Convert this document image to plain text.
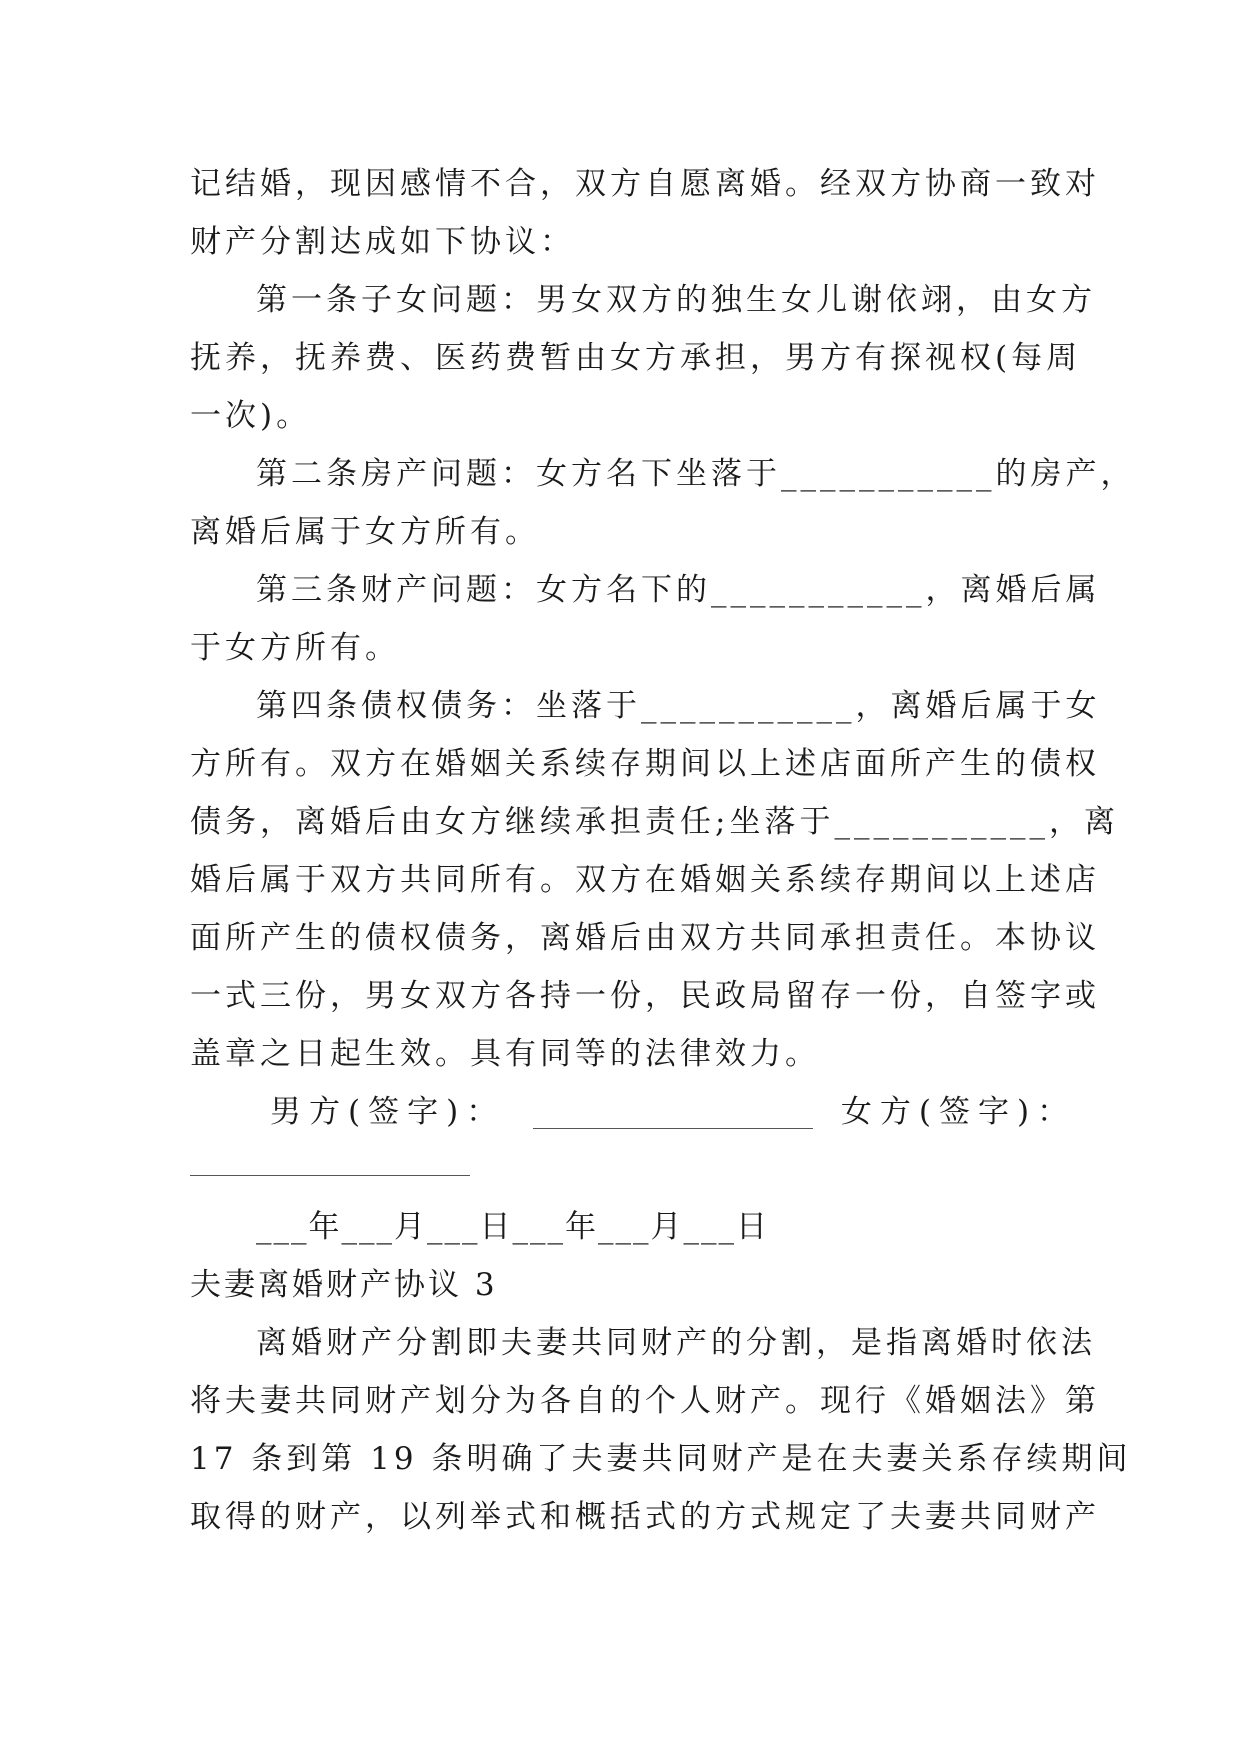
记结婚，现因感情不合，双方自愿离婚。经双方协商一致对
财产分割达成如下协议：
第一条子女问题：男女双方的独生女儿谢依翊，由女方
抚养，抚养费、医药费暂由女方承担，男方有探视权(每周
一次)。
第二条房产问题：女方名下坐落于___________的房产，
离婚后属于女方所有。
第三条财产问题：女方名下的___________，离婚后属
于女方所有。
第四条债权债务：坐落于___________，离婚后属于女
方所有。双方在婚姻关系续存期间以上述店面所产生的债权
债务，离婚后由女方继续承担责任;坐落于___________，离
婚后属于双方共同所有。双方在婚姻关系续存期间以上述店
面所产生的债权债务，离婚后由双方共同承担责任。本协议
一式三份，男女双方各持一份，民政局留存一份，自签字或
盖章之日起生效。具有同等的法律效力。
男方(签字)：	女方(签字)：
___年___月___日___年___月___日
夫妻离婚财产协议 3
离婚财产分割即夫妻共同财产的分割，是指离婚时依法
将夫妻共同财产划分为各自的个人财产。现行《婚姻法》第
17 条到第 19 条明确了夫妻共同财产是在夫妻关系存续期间
取得的财产，以列举式和概括式的方式规定了夫妻共同财产
